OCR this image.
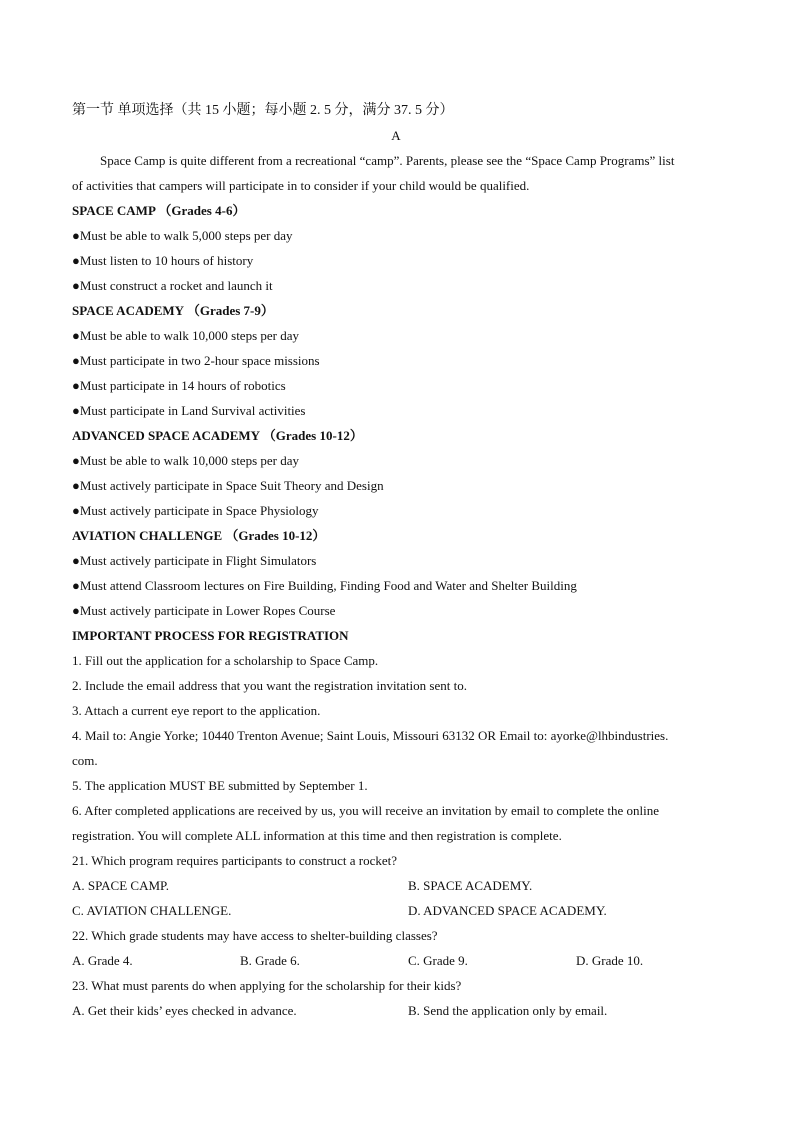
第一节 单项选择（共 15 小题；每小题 2. 5 分，满分 37. 5 分）
A
Space Camp is quite different from a recreational “camp”. Parents, please see the “Space Camp Programs” list
of activities that campers will participate in to consider if your child would be qualified.
SPACE CAMP （Grades 4-6）
●Must be able to walk 5,000 steps per day
●Must listen to 10 hours of history
●Must construct a rocket and launch it
SPACE ACADEMY （Grades 7-9）
●Must be able to walk 10,000 steps per day
●Must participate in two 2-hour space missions
●Must participate in 14 hours of robotics
●Must participate in Land Survival activities
ADVANCED SPACE ACADEMY （Grades 10-12）
●Must be able to walk 10,000 steps per day
●Must actively participate in Space Suit Theory and Design
●Must actively participate in Space Physiology
AVIATION CHALLENGE （Grades 10-12）
●Must actively participate in Flight Simulators
●Must attend Classroom lectures on Fire Building, Finding Food and Water and Shelter Building
●Must actively participate in Lower Ropes Course
IMPORTANT PROCESS FOR REGISTRATION
1. Fill out the application for a scholarship to Space Camp.
2. Include the email address that you want the registration invitation sent to.
3. Attach a current eye report to the application.
4. Mail to: Angie Yorke; 10440 Trenton Avenue; Saint Louis, Missouri 63132 OR Email to: ayorke@lhbindustries.
com.
5. The application MUST BE submitted by September 1.
6. After completed applications are received by us, you will receive an invitation by email to complete the online
registration. You will complete ALL information at this time and then registration is complete.
21. Which program requires participants to construct a rocket?
A. SPACE CAMP.	B. SPACE ACADEMY.
C. AVIATION CHALLENGE.	D. ADVANCED SPACE ACADEMY.
22. Which grade students may have access to shelter-building classes?
A. Grade 4.	B. Grade 6.	C. Grade 9.	D. Grade 10.
23. What must parents do when applying for the scholarship for their kids?
A. Get their kids’ eyes checked in advance.	B. Send the application only by email.
